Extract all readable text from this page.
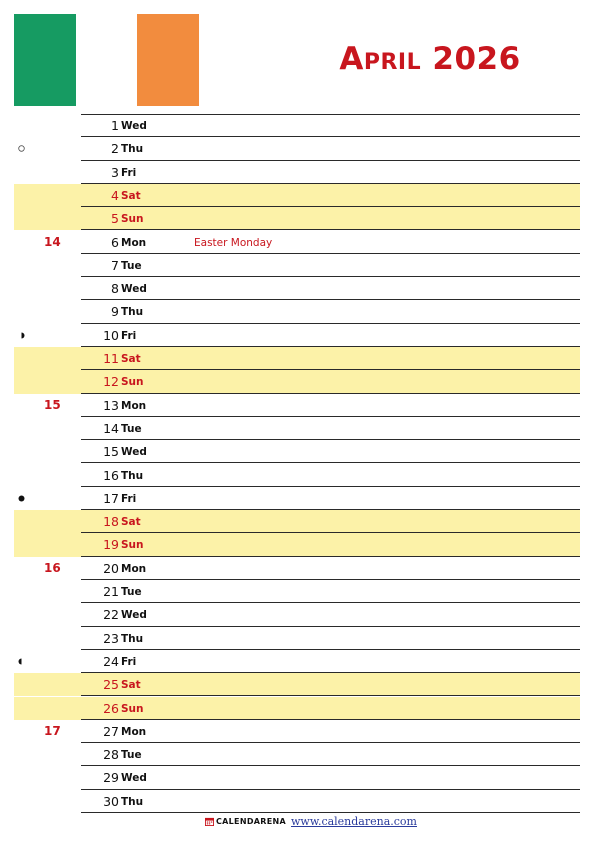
April 2026
1 Wed
2 Thu
3 Fri
4 Sat
5 Sun
14	6 Mon	Easter Monday
7 Tue
8 Wed
9 Thu
10 Fri
11 Sat
12 Sun
15	13 Mon
14 Tue
15 Wed
16 Thu
17 Fri
18 Sat
19 Sun
16	20 Mon
21 Tue
22 Wed
23 Thu
24 Fri
25 Sat
26 Sun
17	27 Mon
28 Tue
29 Wed
30 Thu
CALENDARENA www.calendarena.com
